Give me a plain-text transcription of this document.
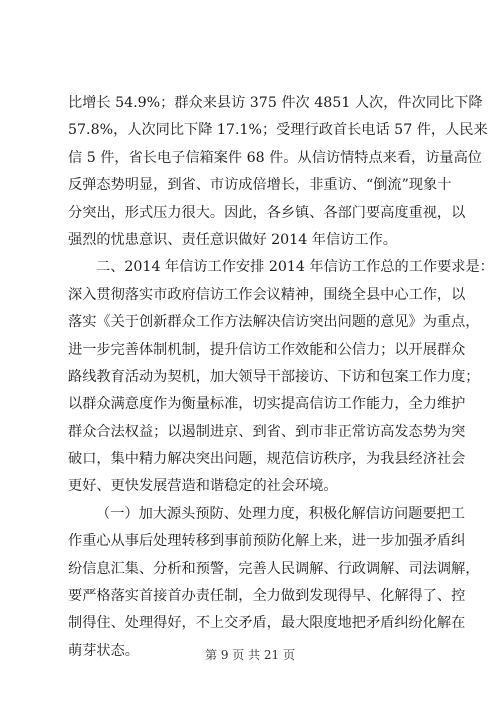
比增长 54.9%；群众来县访 375 件次 4851 人次，件次同比下降
57.8%，人次同比下降 17.1%；受理行政首长电话 57 件，人民来
信 5 件，省长电子信箱案件 68 件。从信访情特点来看，访量高位
反弹态势明显，到省、市访成倍增长，非重访、“倒流”现象十
分突出，形式压力很大。因此，各乡镇、各部门要高度重视，以
强烈的忧患意识、责任意识做好 2014 年信访工作。
二、2014 年信访工作安排 2014 年信访工作总的工作要求是：
深入贯彻落实市政府信访工作会议精神，围绕全县中心工作，以
落实《关于创新群众工作方法解决信访突出问题的意见》为重点，
进一步完善体制机制，提升信访工作效能和公信力；以开展群众
路线教育活动为契机，加大领导干部接访、下访和包案工作力度；
以群众满意度作为衡量标准，切实提高信访工作能力，全力维护
群众合法权益；以遏制进京、到省、到市非正常访高发态势为突
破口，集中精力解决突出问题，规范信访秩序，为我县经济社会
更好、更快发展营造和谐稳定的社会环境。
（一）加大源头预防、处理力度，积极化解信访问题要把工
作重心从事后处理转移到事前预防化解上来，进一步加强矛盾纠
纷信息汇集、分析和预警，完善人民调解、行政调解、司法调解，
要严格落实首接首办责任制，全力做到发现得早、化解得了、控
制得住、处理得好，不上交矛盾，最大限度地把矛盾纠纷化解在
萌芽状态。	第 9 页 共 21 页
